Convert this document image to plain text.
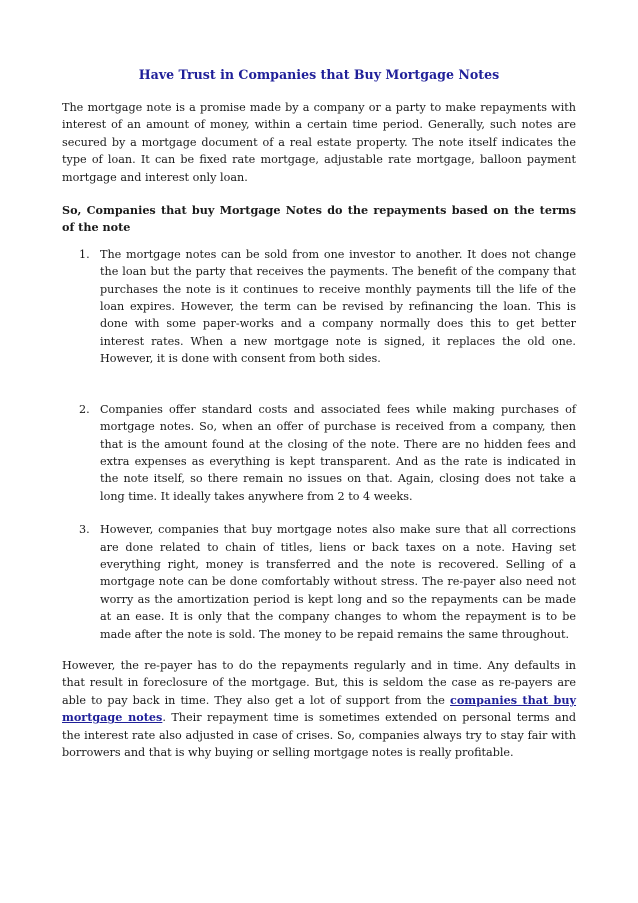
Have Trust in Companies that Buy Mortgage Notes

The mortgage note is a promise made by a company or a party to make repayments with interest of an amount of money, within a certain time period. Generally, such notes are secured by a mortgage document of a real estate property. The note itself indicates the type of loan. It can be fixed rate mortgage, adjustable rate mortgage, balloon payment mortgage and interest only loan.

So, Companies that buy Mortgage Notes do the repayments based on the terms of the note

1. The mortgage notes can be sold from one investor to another. It does not change the loan but the party that receives the payments. The benefit of the company that purchases the note is it continues to receive monthly payments till the life of the loan expires. However, the term can be revised by refinancing the loan. This is done with some paper-works and a company normally does this to get better interest rates. When a new mortgage note is signed, it replaces the old one. However, it is done with consent from both sides.
2. Companies offer standard costs and associated fees while making purchases of mortgage notes. So, when an offer of purchase is received from a company, then that is the amount found at the closing of the note. There are no hidden fees and extra expenses as everything is kept transparent. And as the rate is indicated in the note itself, so there remain no issues on that. Again, closing does not take a long time. It ideally takes anywhere from 2 to 4 weeks.
3. However, companies that buy mortgage notes also make sure that all corrections are done related to chain of titles, liens or back taxes on a note. Having set everything right, money is transferred and the note is recovered. Selling of a mortgage note can be done comfortably without stress. The re-payer also need not worry as the amortization period is kept long and so the repayments can be made at an ease. It is only that the company changes to whom the repayment is to be made after the note is sold. The money to be repaid remains the same throughout.

However, the re-payer has to do the repayments regularly and in time. Any defaults in that result in foreclosure of the mortgage. But, this is seldom the case as re-payers are able to pay back in time. They also get a lot of support from the companies that buy mortgage notes. Their repayment time is sometimes extended on personal terms and the interest rate also adjusted in case of crises. So, companies always try to stay fair with borrowers and that is why buying or selling mortgage notes is really profitable.
